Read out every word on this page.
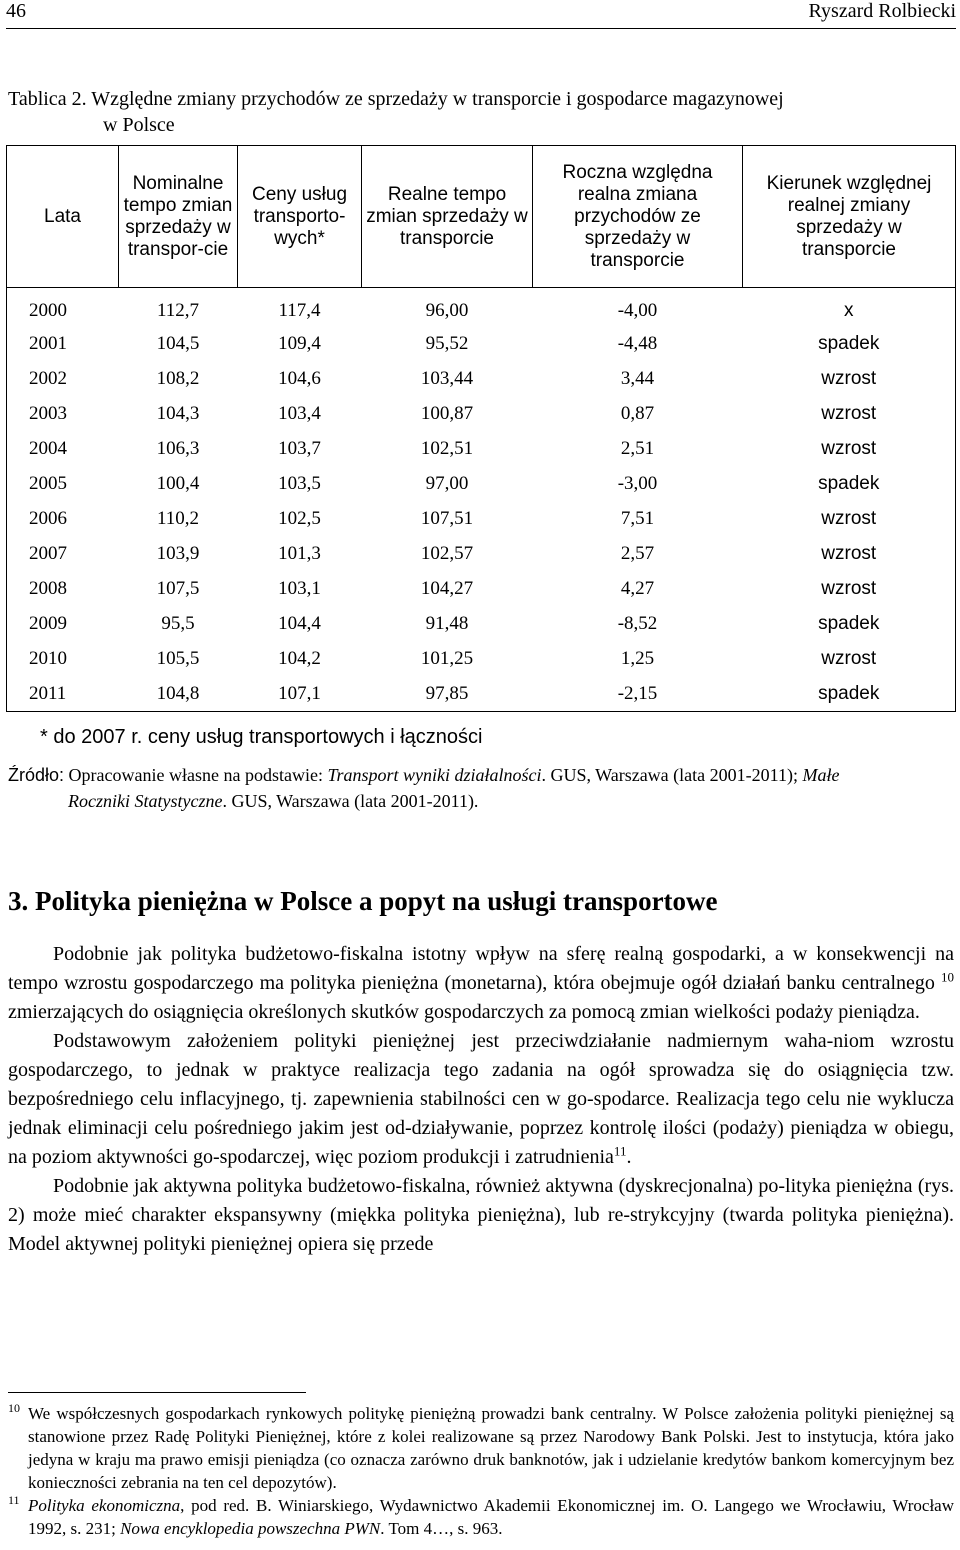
46	Ryszard Rolbiecki
Tablica 2. Względne zmiany przychodów ze sprzedaży w transporcie i gospodarce magazynowej
w Polsce
Lata	Nominalne tempo zmian sprzedaży w transpor-cie	Ceny usług transporto-wych*	Realne tempo zmian sprzedaży w transporcie	Roczna względna realna zmiana przychodów ze sprzedaży w transporcie	Kierunek względnej realnej zmiany sprzedaży w transporcie
2000	112,7	117,4	96,00	-4,00	x
2001	104,5	109,4	95,52	-4,48	spadek
2002	108,2	104,6	103,44	3,44	wzrost
2003	104,3	103,4	100,87	0,87	wzrost
2004	106,3	103,7	102,51	2,51	wzrost
2005	100,4	103,5	97,00	-3,00	spadek
2006	110,2	102,5	107,51	7,51	wzrost
2007	103,9	101,3	102,57	2,57	wzrost
2008	107,5	103,1	104,27	4,27	wzrost
2009	95,5	104,4	91,48	-8,52	spadek
2010	105,5	104,2	101,25	1,25	wzrost
2011	104,8	107,1	97,85	-2,15	spadek
* do 2007 r. ceny usług transportowych i łączności
Źródło: Opracowanie własne na podstawie: Transport wyniki działalności. GUS, Warszawa (lata 2001-2011); Małe
Roczniki Statystyczne. GUS, Warszawa (lata 2001-2011).
3. Polityka pieniężna w Polsce a popyt na usługi transportowe

Podobnie jak polityka budżetowo-fiskalna istotny wpływ na sferę realną gospodarki, a w konsekwencji na tempo wzrostu gospodarczego ma polityka pieniężna (monetarna), która obejmuje ogół działań banku centralnego $^{10}$ zmierzających do osiągnięcia określonych skutków gospodarczych za pomocą zmian wielkości podaży pieniądza.

Podstawowym założeniem polityki pieniężnej jest przeciwdziałanie nadmiernym waha-niom wzrostu gospodarczego, to jednak w praktyce realizacja tego zadania na ogół sprowadza się do osiągnięcia tzw. bezpośredniego celu inflacyjnego, tj. zapewnienia stabilności cen w go-spodarce. Realizacja tego celu nie wyklucza jednak eliminacji celu pośredniego jakim jest od-działywanie, poprzez kontrolę ilości (podaży) pieniądza w obiegu, na poziom aktywności go-spodarczej, więc poziom produkcji i zatrudnienia$^{11}$.

Podobnie jak aktywna polityka budżetowo-fiskalna, również aktywna (dyskrecjonalna) po-lityka pieniężna (rys. 2) może mieć charakter ekspansywny (miękka polityka pieniężna), lub re-strykcyjny (twarda polityka pieniężna). Model aktywnej polityki pieniężnej opiera się przede

10 We współczesnych gospodarkach rynkowych politykę pieniężną prowadzi bank centralny. W Polsce założenia polityki pieniężnej są stanowione przez Radę Polityki Pieniężnej, które z kolei realizowane są przez Narodowy Bank Polski. Jest to instytucja, która jako jedyna w kraju ma prawo emisji pieniądza (co oznacza zarówno druk banknotów, jak i udzielanie kredytów bankom komercyjnym bez konieczności zebrania na ten cel depozytów).

11 Polityka ekonomiczna, pod red. B. Winiarskiego, Wydawnictwo Akademii Ekonomicznej im. O. Langego we Wrocławiu, Wrocław 1992, s. 231; Nowa encyklopedia powszechna PWN. Tom 4…, s. 963.
